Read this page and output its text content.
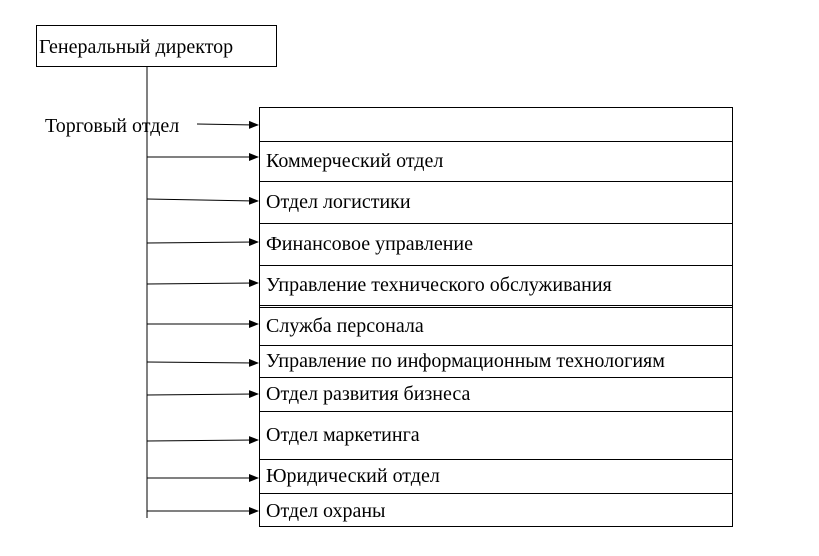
Генеральный директор
Торговый отдел
Коммерческий отдел
Отдел логистики
Финансовое управление
Управление технического обслуживания
Служба персонала
Управление по информационным технологиям
Отдел развития бизнеса
Отдел маркетинга
Юридический отдел
Отдел охраны
